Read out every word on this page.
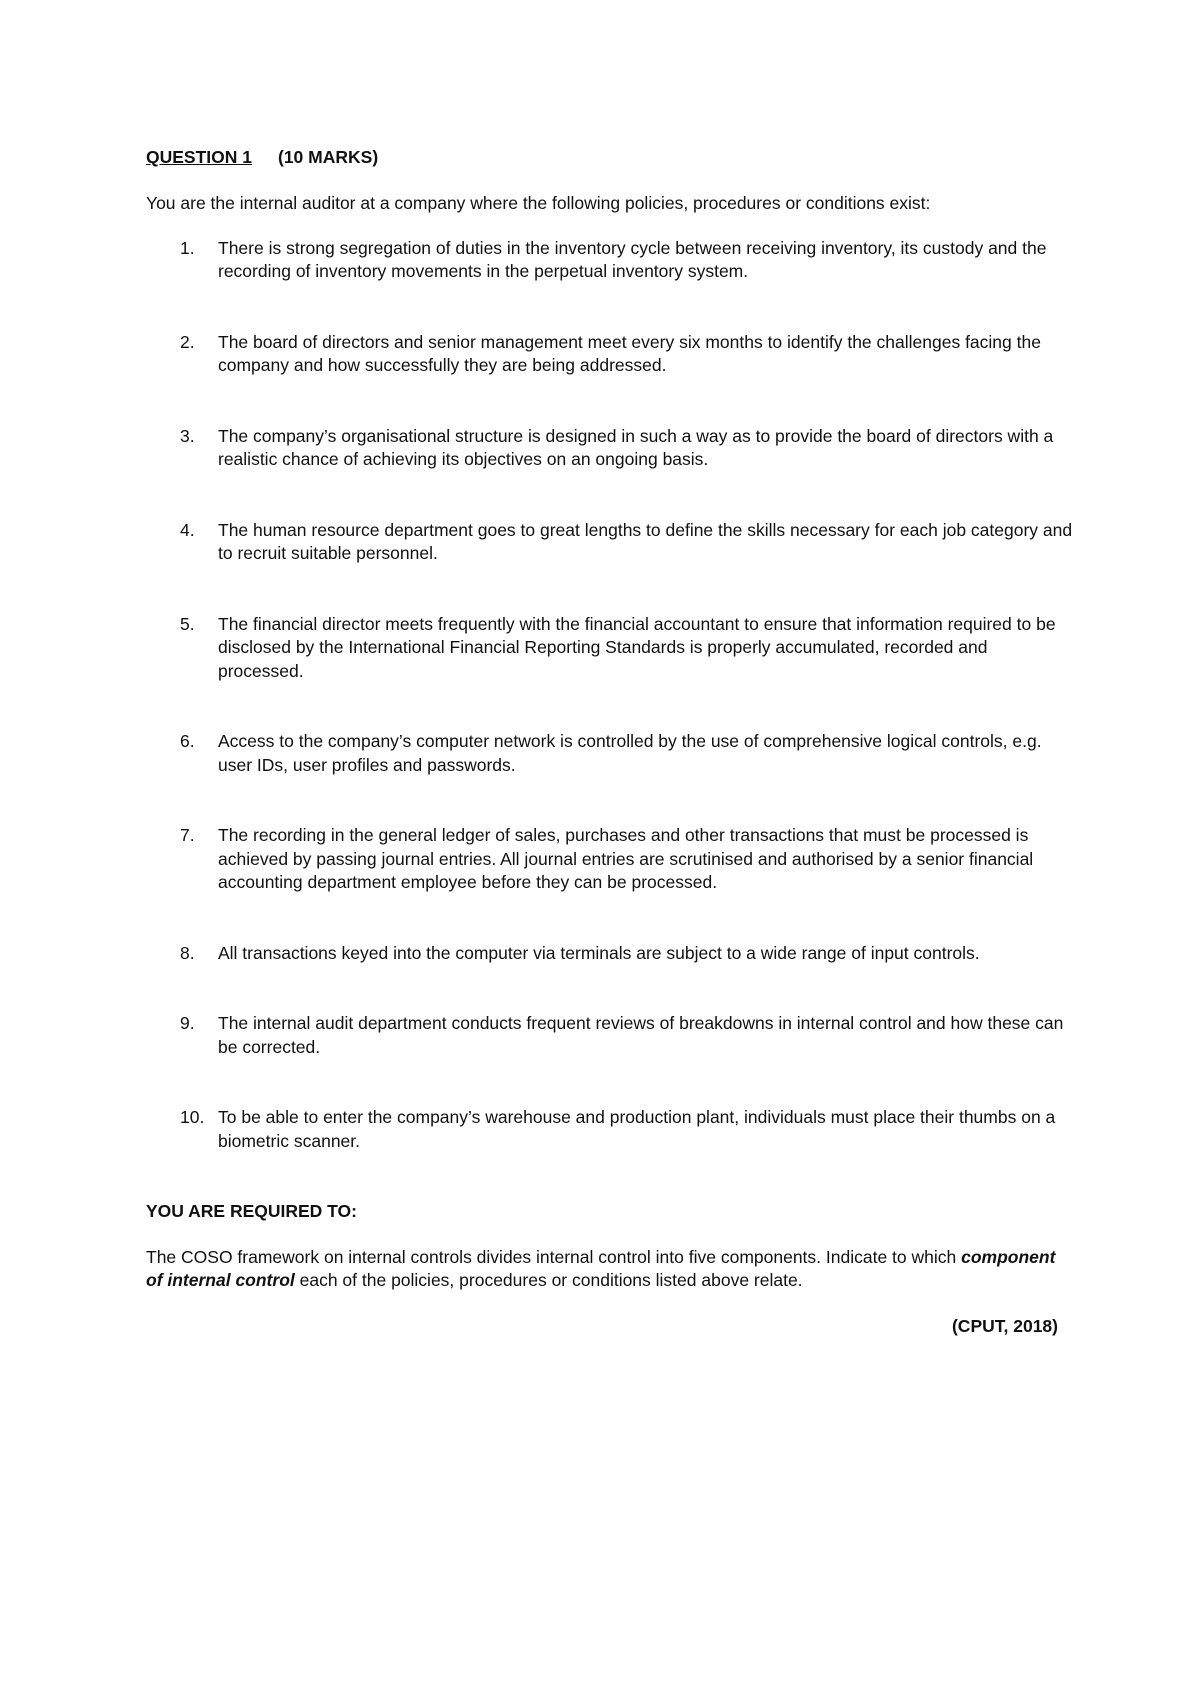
QUESTION 1 (10 MARKS)
You are the internal auditor at a company where the following policies, procedures or conditions exist:
1.	There is strong segregation of duties in the inventory cycle between receiving inventory, its custody and the recording of inventory movements in the perpetual inventory system.
2.	The board of directors and senior management meet every six months to identify the challenges facing the company and how successfully they are being addressed.
3.	The company’s organisational structure is designed in such a way as to provide the board of directors with a realistic chance of achieving its objectives on an ongoing basis.
4.	The human resource department goes to great lengths to define the skills necessary for each job category and to recruit suitable personnel.
5.	The financial director meets frequently with the financial accountant to ensure that information required to be disclosed by the International Financial Reporting Standards is properly accumulated, recorded and processed.
6.	Access to the company’s computer network is controlled by the use of comprehensive logical controls, e.g. user IDs, user profiles and passwords.
7.	The recording in the general ledger of sales, purchases and other transactions that must be processed is achieved by passing journal entries. All journal entries are scrutinised and authorised by a senior financial accounting department employee before they can be processed.
8.	All transactions keyed into the computer via terminals are subject to a wide range of input controls.
9.	The internal audit department conducts frequent reviews of breakdowns in internal control and how these can be corrected.
10. To be able to enter the company’s warehouse and production plant, individuals must place their thumbs on a biometric scanner.
YOU ARE REQUIRED TO:
The COSO framework on internal controls divides internal control into five components. Indicate to which component of internal control each of the policies, procedures or conditions listed above relate.
(CPUT, 2018)
